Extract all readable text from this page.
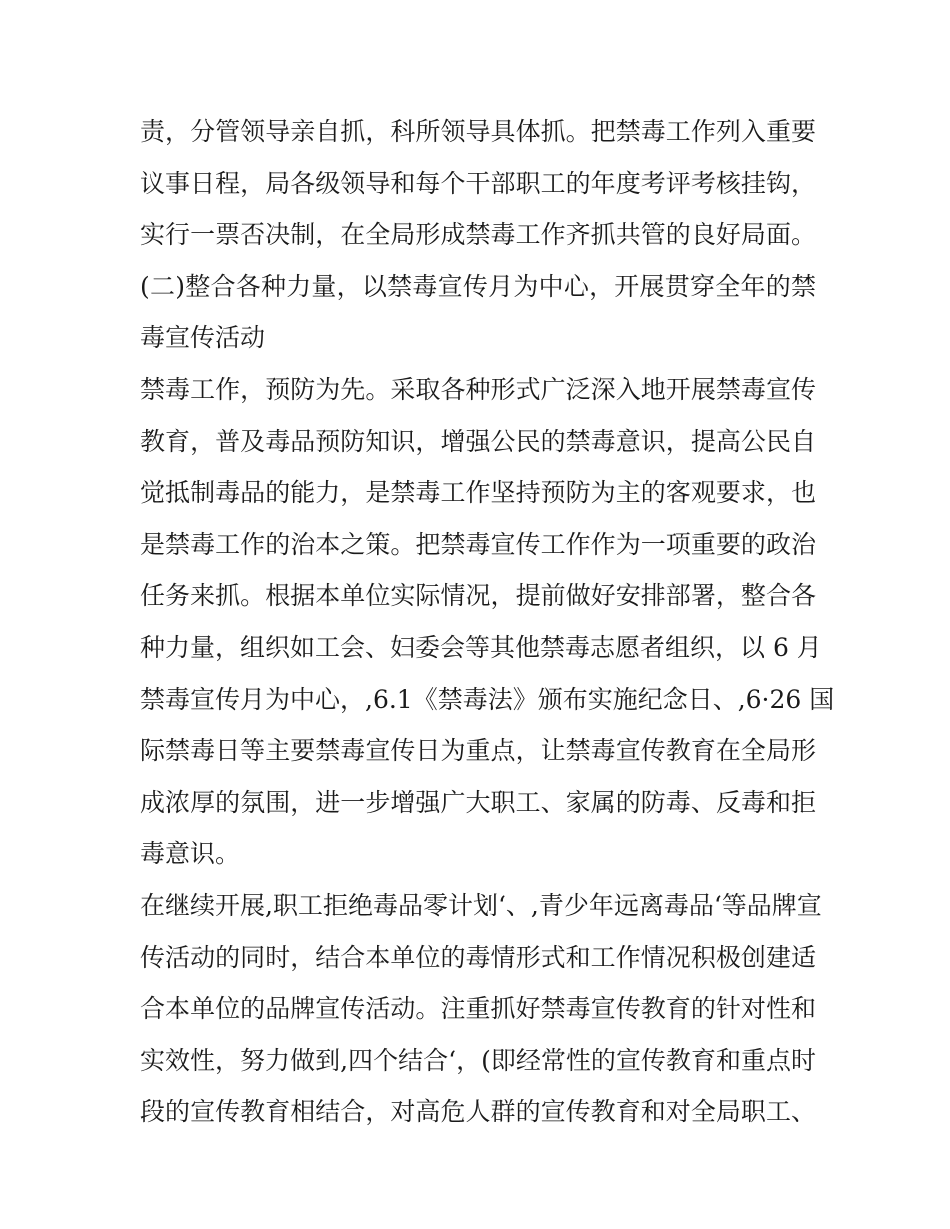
责，分管领导亲自抓，科所领导具体抓。把禁毒工作列入重要
议事日程，局各级领导和每个干部职工的年度考评考核挂钩，
实行一票否决制，在全局形成禁毒工作齐抓共管的良好局面。
(二)整合各种力量，以禁毒宣传月为中心，开展贯穿全年的禁
毒宣传活动
禁毒工作，预防为先。采取各种形式广泛深入地开展禁毒宣传
教育，普及毒品预防知识，增强公民的禁毒意识，提高公民自
觉抵制毒品的能力，是禁毒工作坚持预防为主的客观要求，也
是禁毒工作的治本之策。把禁毒宣传工作作为一项重要的政治
任务来抓。根据本单位实际情况，提前做好安排部署，整合各
种力量，组织如工会、妇委会等其他禁毒志愿者组织，以 6 月
禁毒宣传月为中心，,6.1《禁毒法》颁布实施纪念日、,6·26 国
际禁毒日等主要禁毒宣传日为重点，让禁毒宣传教育在全局形
成浓厚的氛围，进一步增强广大职工、家属的防毒、反毒和拒
毒意识。
在继续开展,职工拒绝毒品零计划‘、,青少年远离毒品‘等品牌宣
传活动的同时，结合本单位的毒情形式和工作情况积极创建适
合本单位的品牌宣传活动。注重抓好禁毒宣传教育的针对性和
实效性，努力做到,四个结合‘，(即经常性的宣传教育和重点时
段的宣传教育相结合，对高危人群的宣传教育和对全局职工、
